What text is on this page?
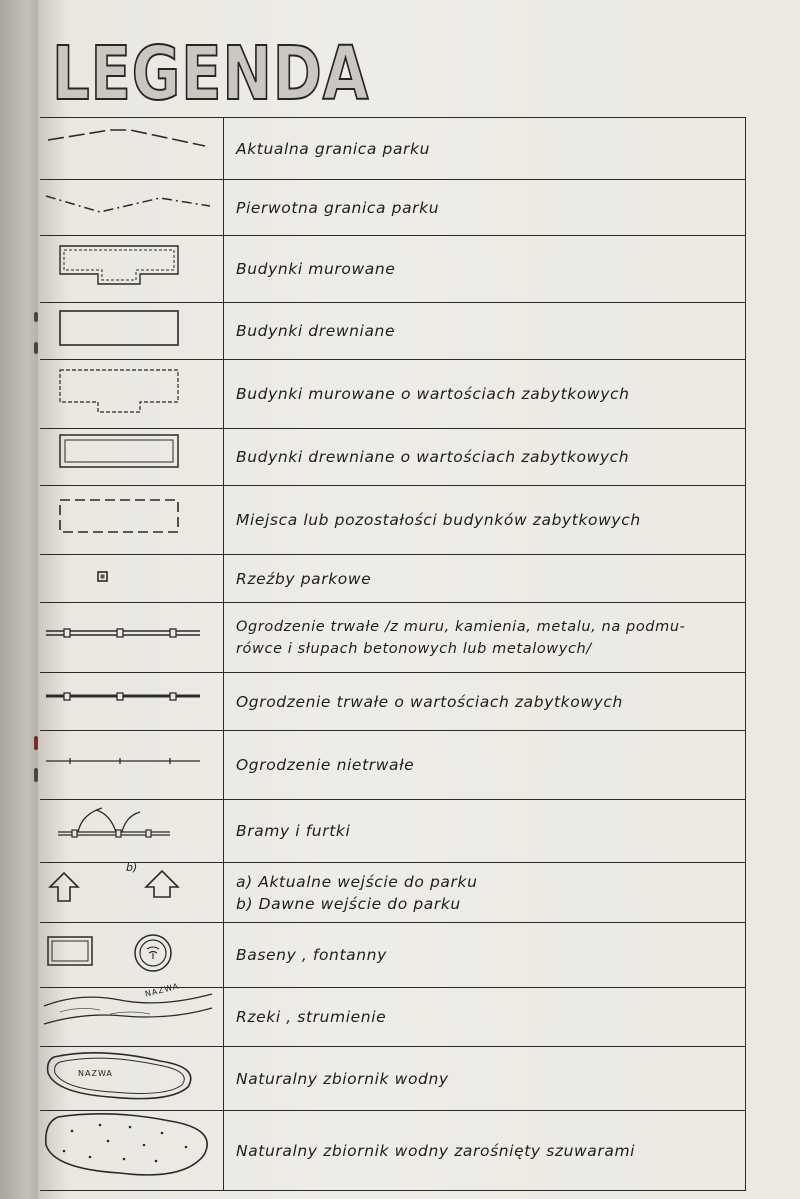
LEGENDA
Aktualna granica parku
Pierwotna granica parku
Budynki murowane
Budynki drewniane
Budynki murowane o wartościach zabytkowych
Budynki drewniane o wartościach zabytkowych
Miejsca lub pozostałości budynków zabytkowych
Rzeźby parkowe
Ogrodzenie trwałe /z muru, kamienia, metalu, na podmu-
rówce i słupach betonowych lub metalowych/
Ogrodzenie trwałe o wartościach zabytkowych
Ogrodzenie nietrwałe
Bramy i furtki
b)
a) Aktualne wejście do parku
b) Dawne wejście do parku
Baseny , fontanny
NAZWA
Rzeki , strumienie
NAZWA	Naturalny zbiornik wodny
Naturalny zbiornik wodny zarośnięty szuwarami
